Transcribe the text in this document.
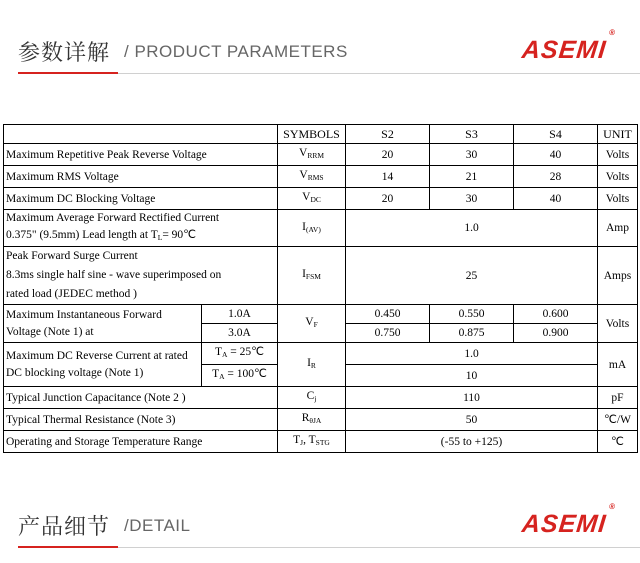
参数详解 / PRODUCT PARAMETERS	ASEMI®
		SYMBOLS	S2	S3	S4	UNIT
Maximum Repetitive Peak Reverse Voltage		$V_{RRM}$	20	30	40	Volts
Maximum RMS Voltage		$V_{RMS}$	14	21	28	Volts
Maximum DC Blocking Voltage		$V_{DC}$	20	30	40	Volts

Maximum Average Forward Rectified Current
0.375" (9.5mm) Lead length at $T_L=$ 90℃		$I_{(AV)}$	1.0			Amp

Peak Forward Surge Current
8.3ms single half sine - wave superimposed on
rated load (JEDEC method )		$I_{FSM}$	25			Amps

Maximum Instantaneous Forward
Voltage (Note 1) at	1.0A	$V_F$	0.450	0.550	0.600	Volts
	3.0A		0.750	0.875	0.900	

Maximum DC Reverse Current at rated
DC blocking voltage (Note 1)	$T_A$ = 25℃	$I_R$	1.0			mA
	$T_A$ = 100℃		10			
Typical Junction Capacitance (Note 2 )		$C_j$	110			pF
Typical Thermal Resistance (Note 3)		$R_{\theta JA}$	50			℃/W
Operating and Storage Temperature Range		$T_J$, $T_{STG}$	(-55 to +125)			℃
产品细节 /DETAIL	ASEMI®
